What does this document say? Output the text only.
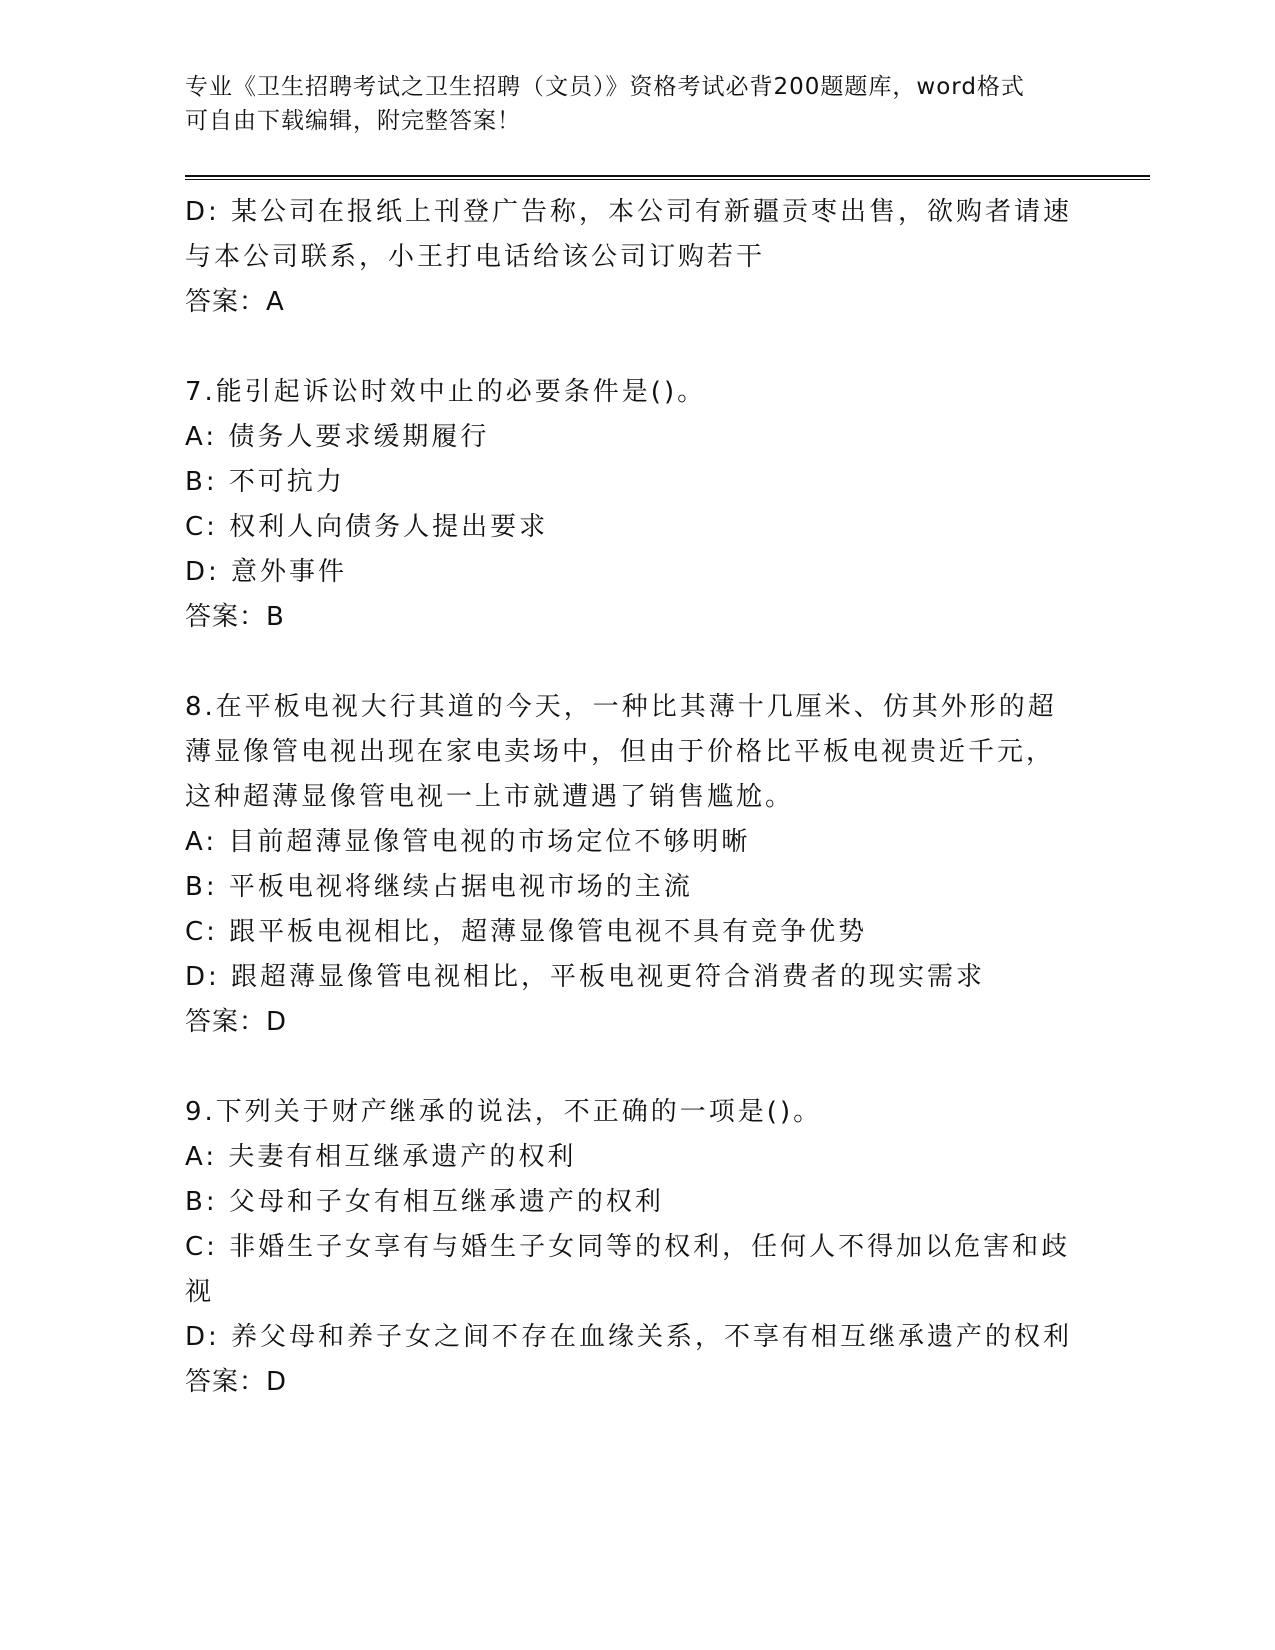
专业《卫生招聘考试之卫生招聘（文员）》资格考试必背200题题库，word格式

可自由下载编辑，附完整答案！

D: 某公司在报纸上刊登广告称，本公司有新疆贡枣出售，欲购者请速

与本公司联系，小王打电话给该公司订购若干

答案：A

7.能引起诉讼时效中止的必要条件是()。

A: 债务人要求缓期履行

B: 不可抗力

C: 权利人向债务人提出要求

D: 意外事件

答案：B

8.在平板电视大行其道的今天，一种比其薄十几厘米、仿其外形的超

薄显像管电视出现在家电卖场中，但由于价格比平板电视贵近千元，

这种超薄显像管电视一上市就遭遇了销售尴尬。

A: 目前超薄显像管电视的市场定位不够明晰

B: 平板电视将继续占据电视市场的主流

C: 跟平板电视相比，超薄显像管电视不具有竞争优势

D: 跟超薄显像管电视相比，平板电视更符合消费者的现实需求

答案：D

9.下列关于财产继承的说法，不正确的一项是()。

A: 夫妻有相互继承遗产的权利

B: 父母和子女有相互继承遗产的权利

C: 非婚生子女享有与婚生子女同等的权利，任何人不得加以危害和歧

视

D: 养父母和养子女之间不存在血缘关系，不享有相互继承遗产的权利

答案：D
